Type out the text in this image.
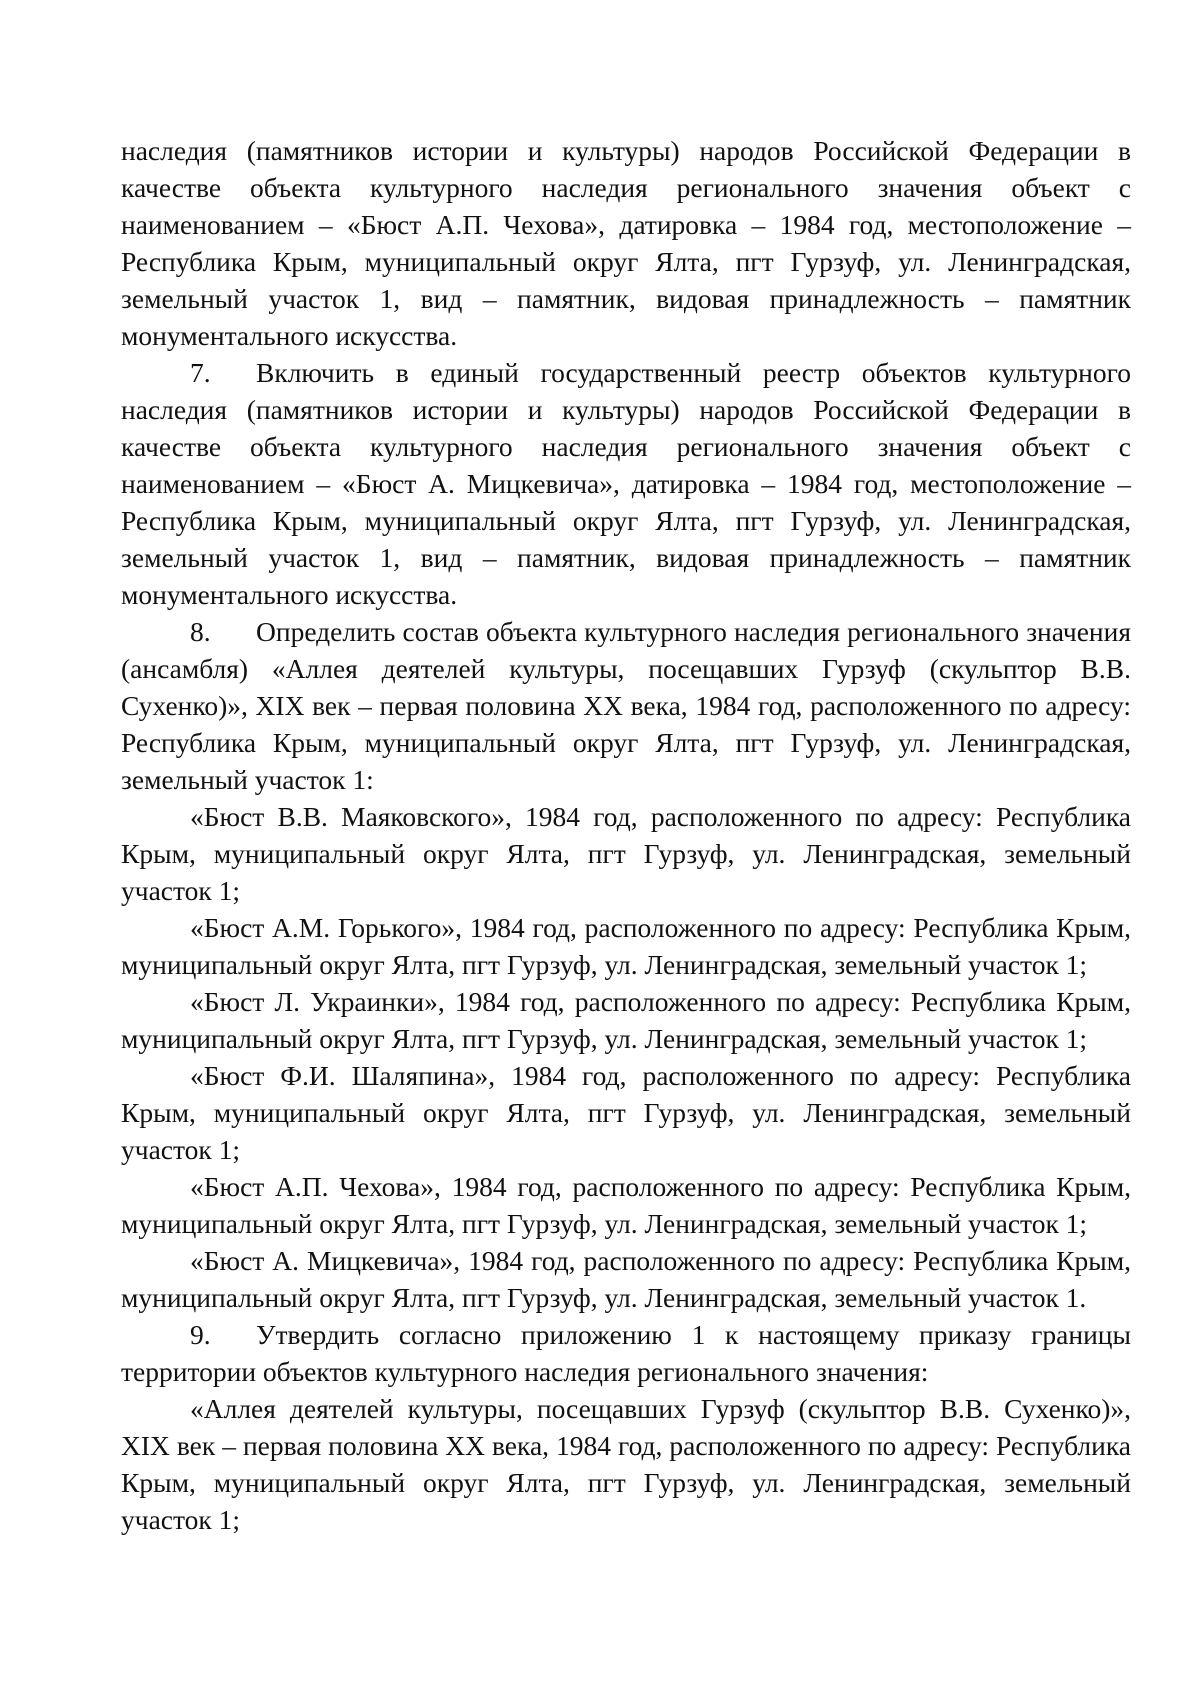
наследия (памятников истории и культуры) народов Российской Федерации в качестве объекта культурного наследия регионального значения объект с наименованием – «Бюст А.П. Чехова», датировка – 1984 год, местоположение – Республика Крым, муниципальный округ Ялта, пгт Гурзуф, ул. Ленинградская, земельный участок 1, вид – памятник, видовая принадлежность – памятник монументального искусства.

7. Включить в единый государственный реестр объектов культурного наследия (памятников истории и культуры) народов Российской Федерации в качестве объекта культурного наследия регионального значения объект с наименованием – «Бюст А. Мицкевича», датировка – 1984 год, местоположение – Республика Крым, муниципальный округ Ялта, пгт Гурзуф, ул. Ленинградская, земельный участок 1, вид – памятник, видовая принадлежность – памятник монументального искусства.

8. Определить состав объекта культурного наследия регионального значения (ансамбля) «Аллея деятелей культуры, посещавших Гурзуф (скульптор В.В. Сухенко)», XIX век – первая половина XX века, 1984 год, расположенного по адресу: Республика Крым, муниципальный округ Ялта, пгт Гурзуф, ул. Ленинградская, земельный участок 1:

«Бюст В.В. Маяковского», 1984 год, расположенного по адресу: Республика Крым, муниципальный округ Ялта, пгт Гурзуф, ул. Ленинградская, земельный участок 1;

«Бюст А.М. Горького», 1984 год, расположенного по адресу: Республика Крым, муниципальный округ Ялта, пгт Гурзуф, ул. Ленинградская, земельный участок 1;

«Бюст Л. Украинки», 1984 год, расположенного по адресу: Республика Крым, муниципальный округ Ялта, пгт Гурзуф, ул. Ленинградская, земельный участок 1;

«Бюст Ф.И. Шаляпина», 1984 год, расположенного по адресу: Республика Крым, муниципальный округ Ялта, пгт Гурзуф, ул. Ленинградская, земельный участок 1;

«Бюст А.П. Чехова», 1984 год, расположенного по адресу: Республика Крым, муниципальный округ Ялта, пгт Гурзуф, ул. Ленинградская, земельный участок 1;

«Бюст А. Мицкевича», 1984 год, расположенного по адресу: Республика Крым, муниципальный округ Ялта, пгт Гурзуф, ул. Ленинградская, земельный участок 1.

9. Утвердить согласно приложению 1 к настоящему приказу границы территории объектов культурного наследия регионального значения:

«Аллея деятелей культуры, посещавших Гурзуф (скульптор В.В. Сухенко)», XIX век – первая половина XX века, 1984 год, расположенного по адресу: Республика Крым, муниципальный округ Ялта, пгт Гурзуф, ул. Ленинградская, земельный участок 1;
